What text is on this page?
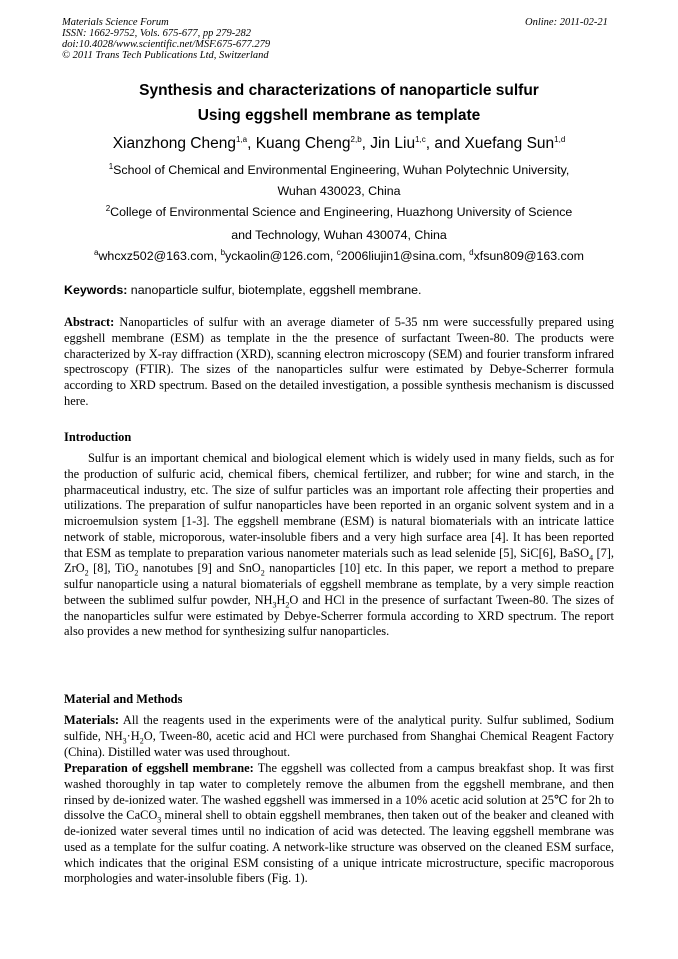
Materials Science Forum
ISSN: 1662-9752, Vols. 675-677, pp 279-282
doi:10.4028/www.scientific.net/MSF.675-677.279
© 2011 Trans Tech Publications Ltd, Switzerland
Online: 2011-02-21
Synthesis and characterizations of nanoparticle sulfur
Using eggshell membrane as template
Xianzhong Cheng$^{1,a}$, Kuang Cheng$^{2,b}$, Jin Liu$^{1,c}$, and Xuefang Sun$^{1,d}$
$^1$School of Chemical and Environmental Engineering, Wuhan Polytechnic University,
Wuhan 430023, China
$^2$College of Environmental Science and Engineering, Huazhong University of Science
and Technology, Wuhan 430074, China
$^a$whcxz502@163.com, $^b$yckaolin@126.com, $^c$2006liujin1@sina.com, $^d$xfsun809@163.com
Keywords: nanoparticle sulfur, biotemplate, eggshell membrane.

Abstract: Nanoparticles of sulfur with an average diameter of 5-35 nm were successfully prepared using eggshell membrane (ESM) as template in the the presence of surfactant Tween-80. The products were characterized by X-ray diffraction (XRD), scanning electron microscopy (SEM) and fourier transform infrared spectroscopy (FTIR). The sizes of the nanoparticles sulfur were estimated by Debye-Scherrer formula according to XRD spectrum. Based on the detailed investigation, a possible synthesis mechanism is discussed here.

Introduction

Sulfur is an important chemical and biological element which is widely used in many fields, such as for the production of sulfuric acid, chemical fibers, chemical fertilizer, and rubber; for wine and starch, in the pharmaceutical industry, etc. The size of sulfur particles was an important role affecting their properties and utilizations. The preparation of sulfur nanoparticles have been reported in an organic solvent system and in a microemulsion system [1-3]. The eggshell membrane (ESM) is natural biomaterials with an intricate lattice network of stable, microporous, water-insoluble fibers and a very high surface area [4]. It has been reported that ESM as template to preparation various nanometer materials such as lead selenide [5], SiC[6], BaSO$_4$ [7], ZrO$_2$ [8], TiO$_2$ nanotubes [9] and SnO$_2$ nanoparticles [10] etc. In this paper, we report a method to prepare sulfur nanoparticle using a natural biomaterials of eggshell membrane as template, by a very simple reaction between the sublimed sulfur powder, $NH_3H_2O$ and HCl in the presence of surfactant Tween-80. The sizes of the nanoparticles sulfur were estimated by Debye-Scherrer formula according to XRD spectrum. The report also provides a new method for synthesizing sulfur nanoparticles.

Material and Methods

Materials: All the reagents used in the experiments were of the analytical purity. Sulfur sublimed, Sodium sulfide, $NH_3\cdot H_2O$, Tween-80, acetic acid and HCl were purchased from Shanghai Chemical Reagent Factory (China). Distilled water was used throughout.

Preparation of eggshell membrane: The eggshell was collected from a campus breakfast shop. It was first washed thoroughly in tap water to completely remove the albumen from the eggshell membrane, and then rinsed by de-ionized water. The washed eggshell was immersed in a 10% acetic acid solution at 25℃ for 2h to dissolve the CaCO$_3$ mineral shell to obtain eggshell membranes, then taken out of the beaker and cleaned with de-ionized water several times until no indication of acid was detected. The leaving eggshell membrane was used as a template for the sulfur coating. A network-like structure was observed on the cleaned ESM surface, which indicates that the original ESM consisting of a unique intricate microstructure, specific macroporous morphologies and water-insoluble fibers (Fig. 1).
